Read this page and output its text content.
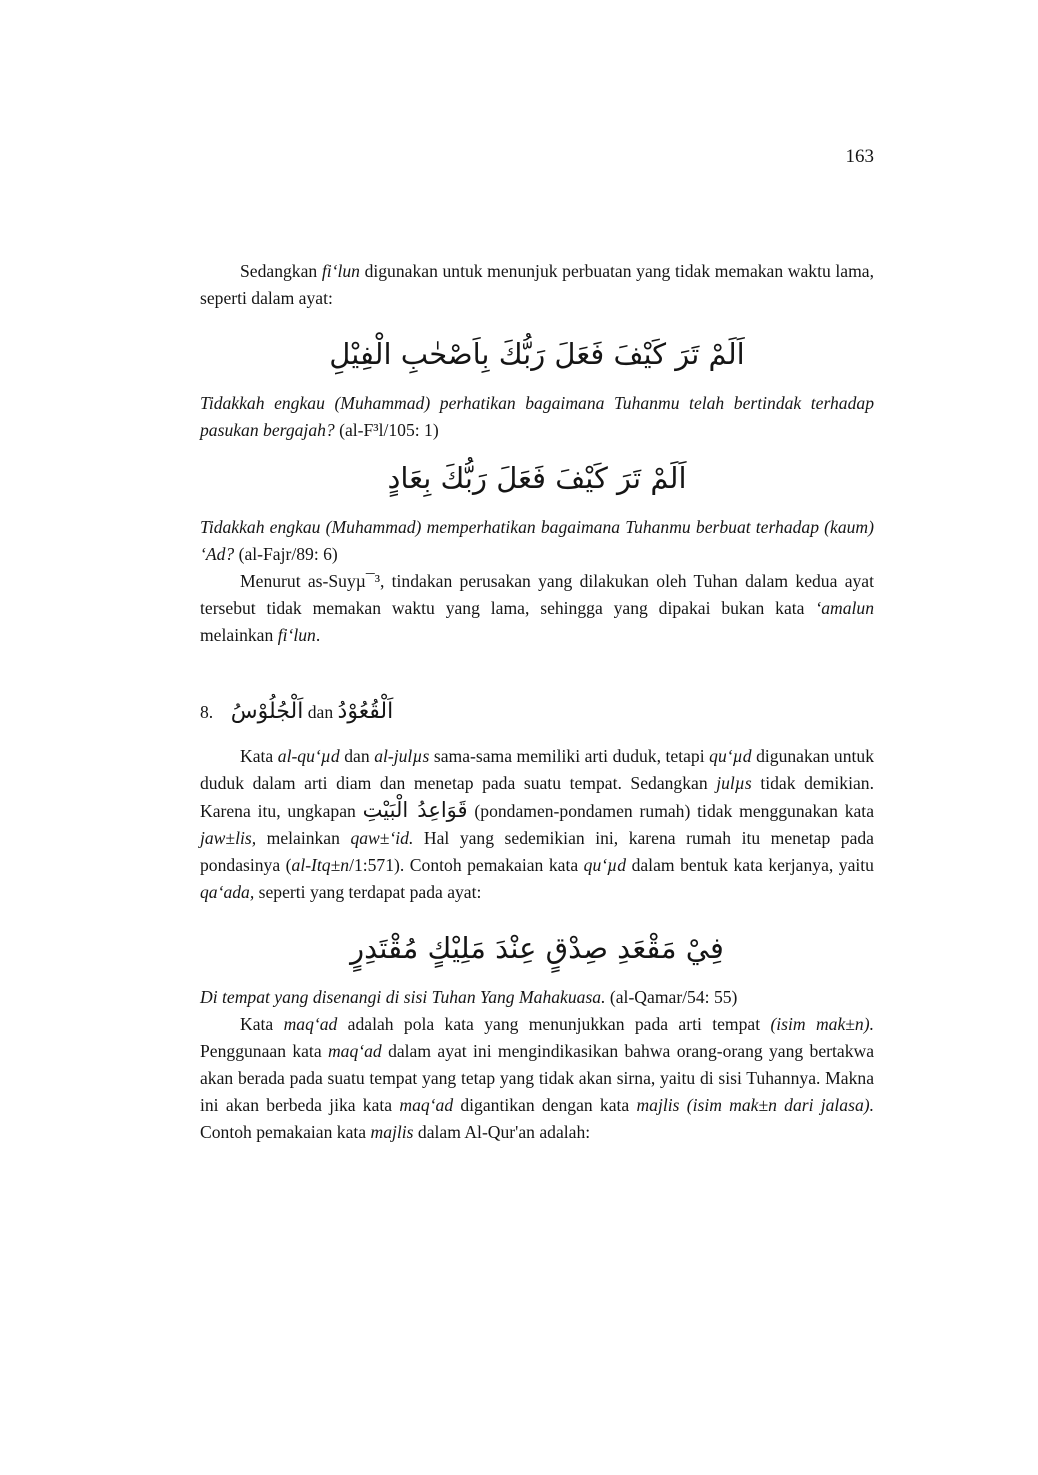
163

Sedangkan fi‘lun digunakan untuk menunjuk perbuatan yang tidak memakan waktu lama, seperti dalam ayat:

اَلَمْ تَرَ كَيْفَ فَعَلَ رَبُّكَ بِاَصْحٰبِ الْفِيْلِ

Tidakkah engkau (Muhammad) perhatikan bagaimana Tuhanmu telah bertindak terhadap pasukan bergajah? (al-F³l/105: 1)

اَلَمْ تَرَ كَيْفَ فَعَلَ رَبُّكَ بِعَادٍ

Tidakkah engkau (Muhammad) memperhatikan bagaimana Tuhanmu berbuat terhadap (kaum) ‘Ad? (al-Fajr/89: 6)

Menurut as-Suyµ¯³, tindakan perusakan yang dilakukan oleh Tuhan dalam kedua ayat tersebut tidak memakan waktu yang lama, sehingga yang dipakai bukan kata ‘amalun melainkan fi‘lun.

8.    اَلْجُلُوْسُ dan اَلْقُعُوْدُ

Kata al-qu‘µd dan al-julµs sama-sama memiliki arti duduk, tetapi qu‘µd digunakan untuk duduk dalam arti diam dan menetap pada suatu tempat. Sedangkan julµs tidak demikian. Karena itu, ungkapan قَوَاعِدُ الْبَيْتِ (pondamen-pondamen rumah) tidak menggunakan kata jaw±lis, melainkan qaw±‘id. Hal yang sedemikian ini, karena rumah itu menetap pada pondasinya (al-Itq±n/1:571). Contoh pemakaian kata qu‘µd dalam bentuk kata kerjanya, yaitu qa‘ada, seperti yang terdapat pada ayat:

فِيْ مَقْعَدِ صِدْقٍ عِنْدَ مَلِيْكٍ مُقْتَدِرٍ

Di tempat yang disenangi di sisi Tuhan Yang Mahakuasa. (al-Qamar/54: 55)

Kata maq‘ad adalah pola kata yang menunjukkan pada arti tempat (isim mak±n). Penggunaan kata maq‘ad dalam ayat ini mengindikasikan bahwa orang-orang yang bertakwa akan berada pada suatu tempat yang tetap yang tidak akan sirna, yaitu di sisi Tuhannya. Makna ini akan berbeda jika kata maq‘ad digantikan dengan kata majlis (isim mak±n dari jalasa). Contoh pemakaian kata majlis dalam Al-Qur'an adalah:
